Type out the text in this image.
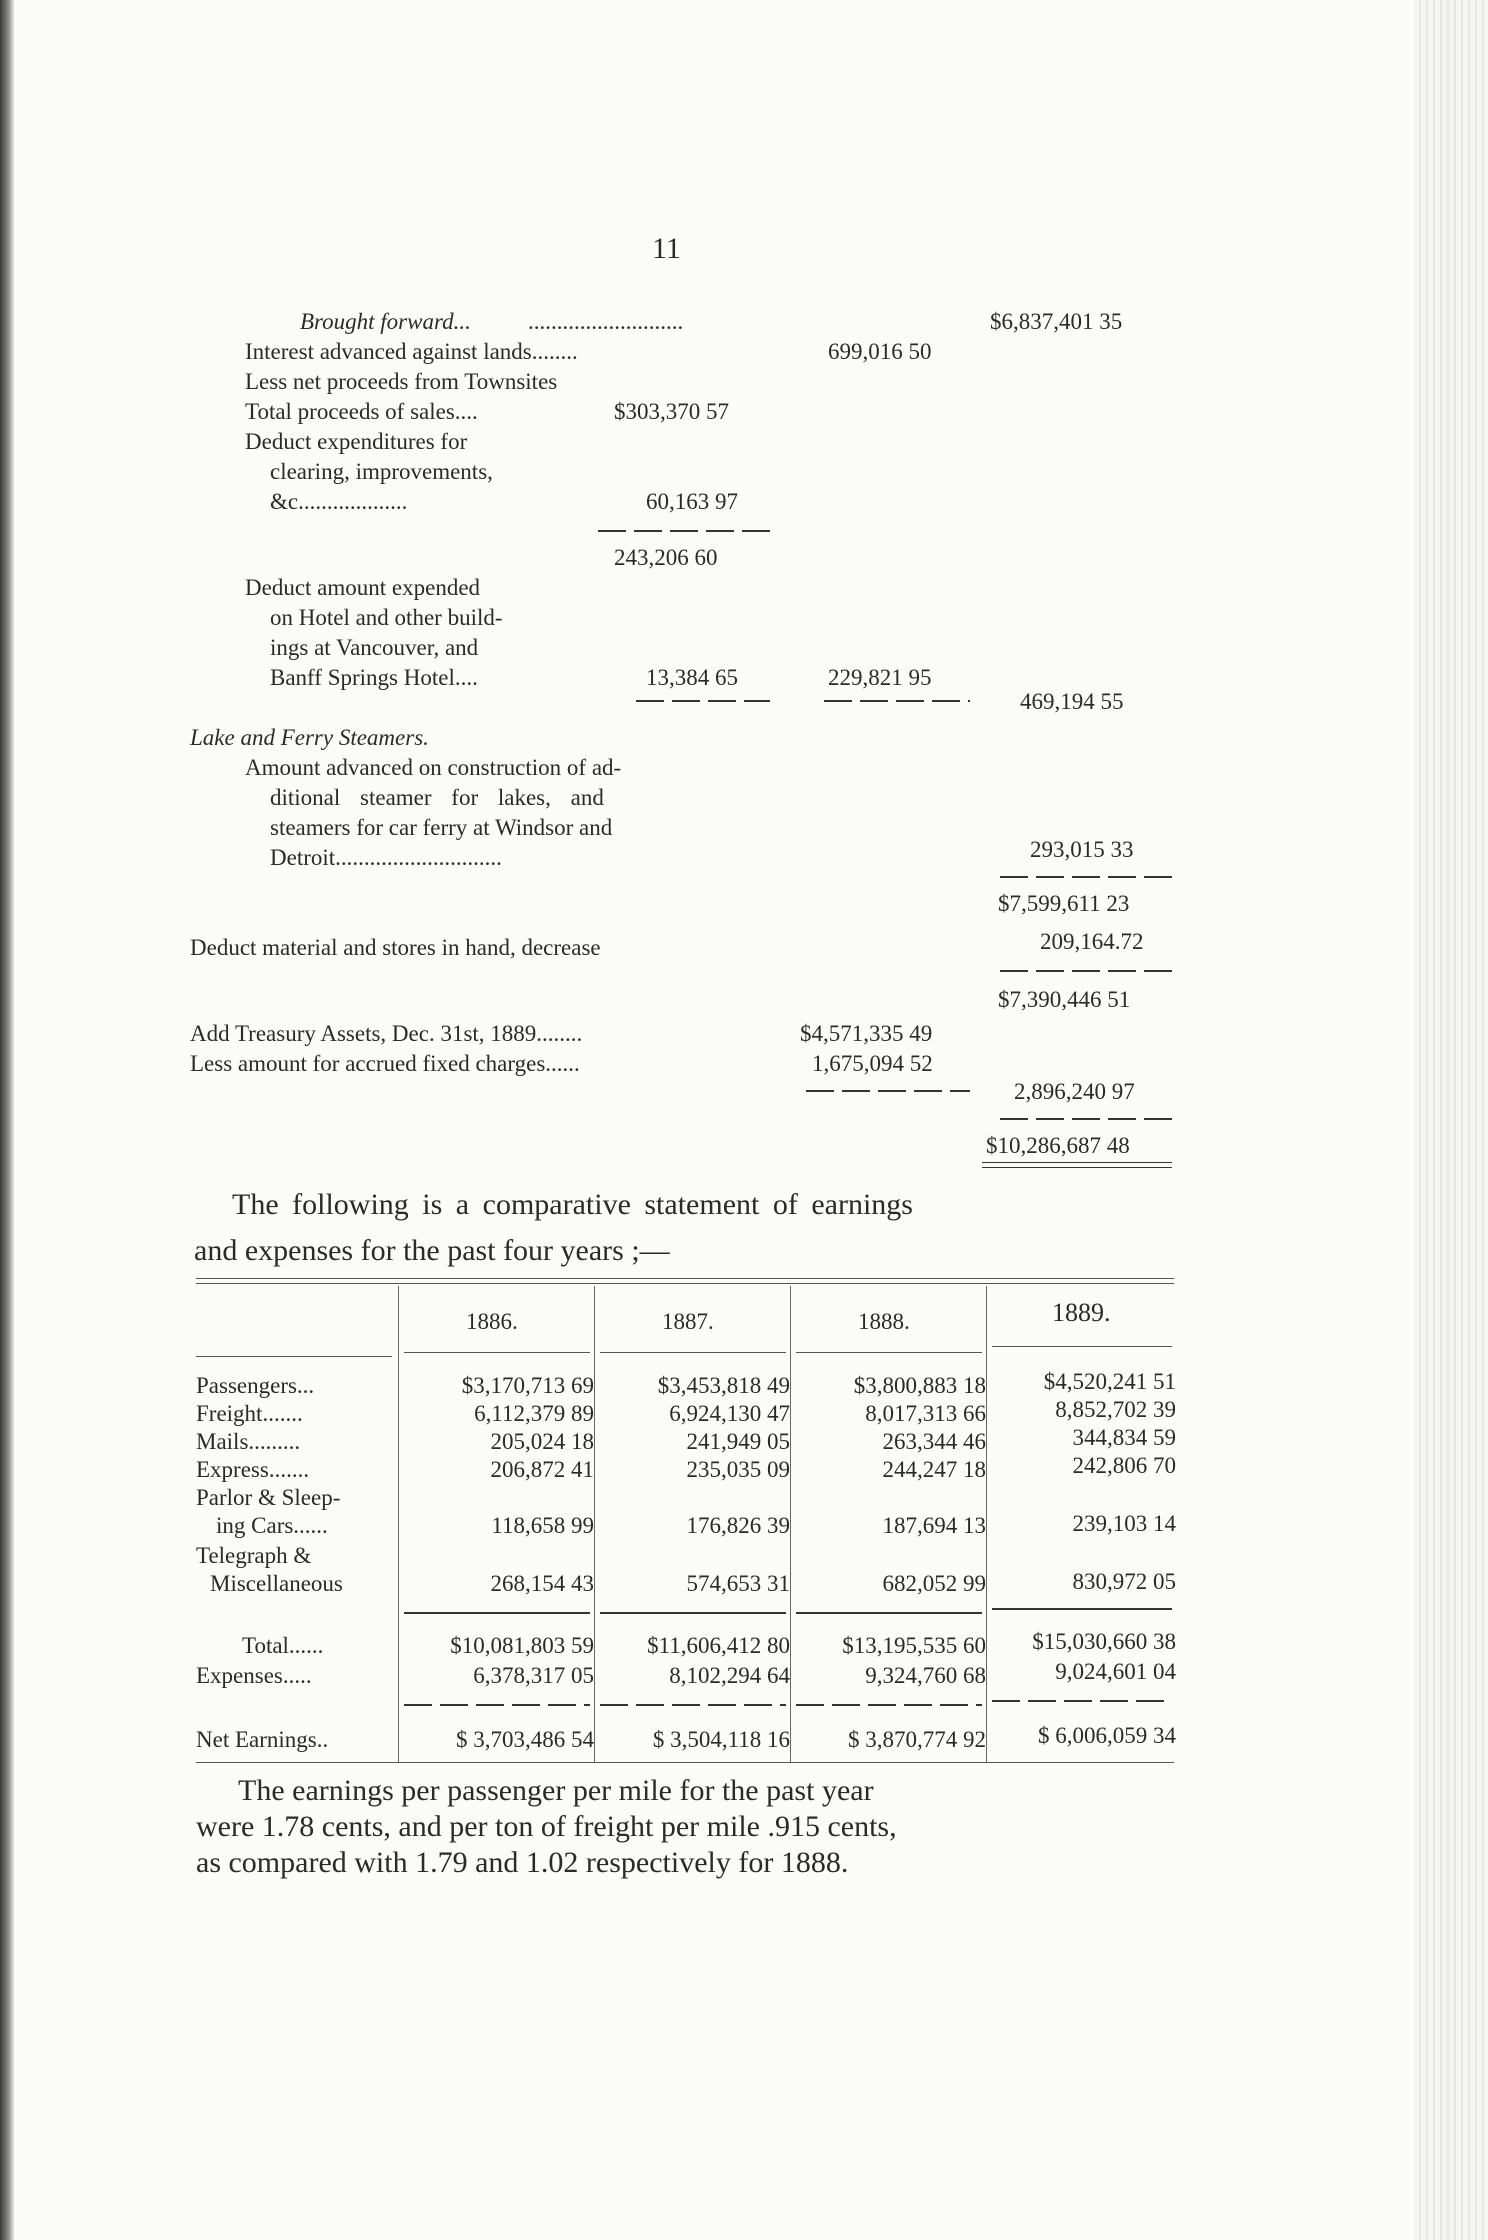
11
Brought forward... ...........................	$6,837,401 35
Interest advanced against lands........	699,016 50
Less net proceeds from Townsites
Total proceeds of sales....	$303,370 57
Deduct expenditures for
clearing, improvements,
&c...................	60,163 97
243,206 60
Deduct amount expended
on Hotel and other build-
ings at Vancouver, and
Banff Springs Hotel....	13,384 65	229,821 95
469,194 55
Lake and Ferry Steamers.
Amount advanced on construction of ad-
ditional steamer for lakes, and
steamers for car ferry at Windsor and
Detroit.............................	293,015 33
$7,599,611 23
Deduct material and stores in hand, decrease	209,164.72
$7,390,446 51
Add Treasury Assets, Dec. 31st, 1889........	$4,571,335 49
Less amount for accrued fixed charges......	1,675,094 52
2,896,240 97
$10,286,687 48
The following is a comparative statement of earnings
and expenses for the past four years ;—
1886.	1887.	1888.	1889.
Passengers...	$3,170,713 69	$3,453,818 49	$3,800,883 18	$4,520,241 51
Freight.......	6,112,379 89	6,924,130 47	8,017,313 66	8,852,702 39
Mails.........	205,024 18	241,949 05	263,344 46	344,834 59
Express.......	206,872 41	235,035 09	244,247 18	242,806 70
Parlor & Sleep-
ing Cars......	118,658 99	176,826 39	187,694 13	239,103 14
Telegraph &
Miscellaneous	268,154 43	574,653 31	682,052 99	830,972 05
Total......	$10,081,803 59	$11,606,412 80	$13,195,535 60	$15,030,660 38
Expenses.....	6,378,317 05	8,102,294 64	9,324,760 68	9,024,601 04
Net Earnings..	$ 3,703,486 54	$ 3,504,118 16	$ 3,870,774 92	$ 6,006,059 34
The earnings per passenger per mile for the past year
were 1.78 cents, and per ton of freight per mile .915 cents,
as compared with 1.79 and 1.02 respectively for 1888.
